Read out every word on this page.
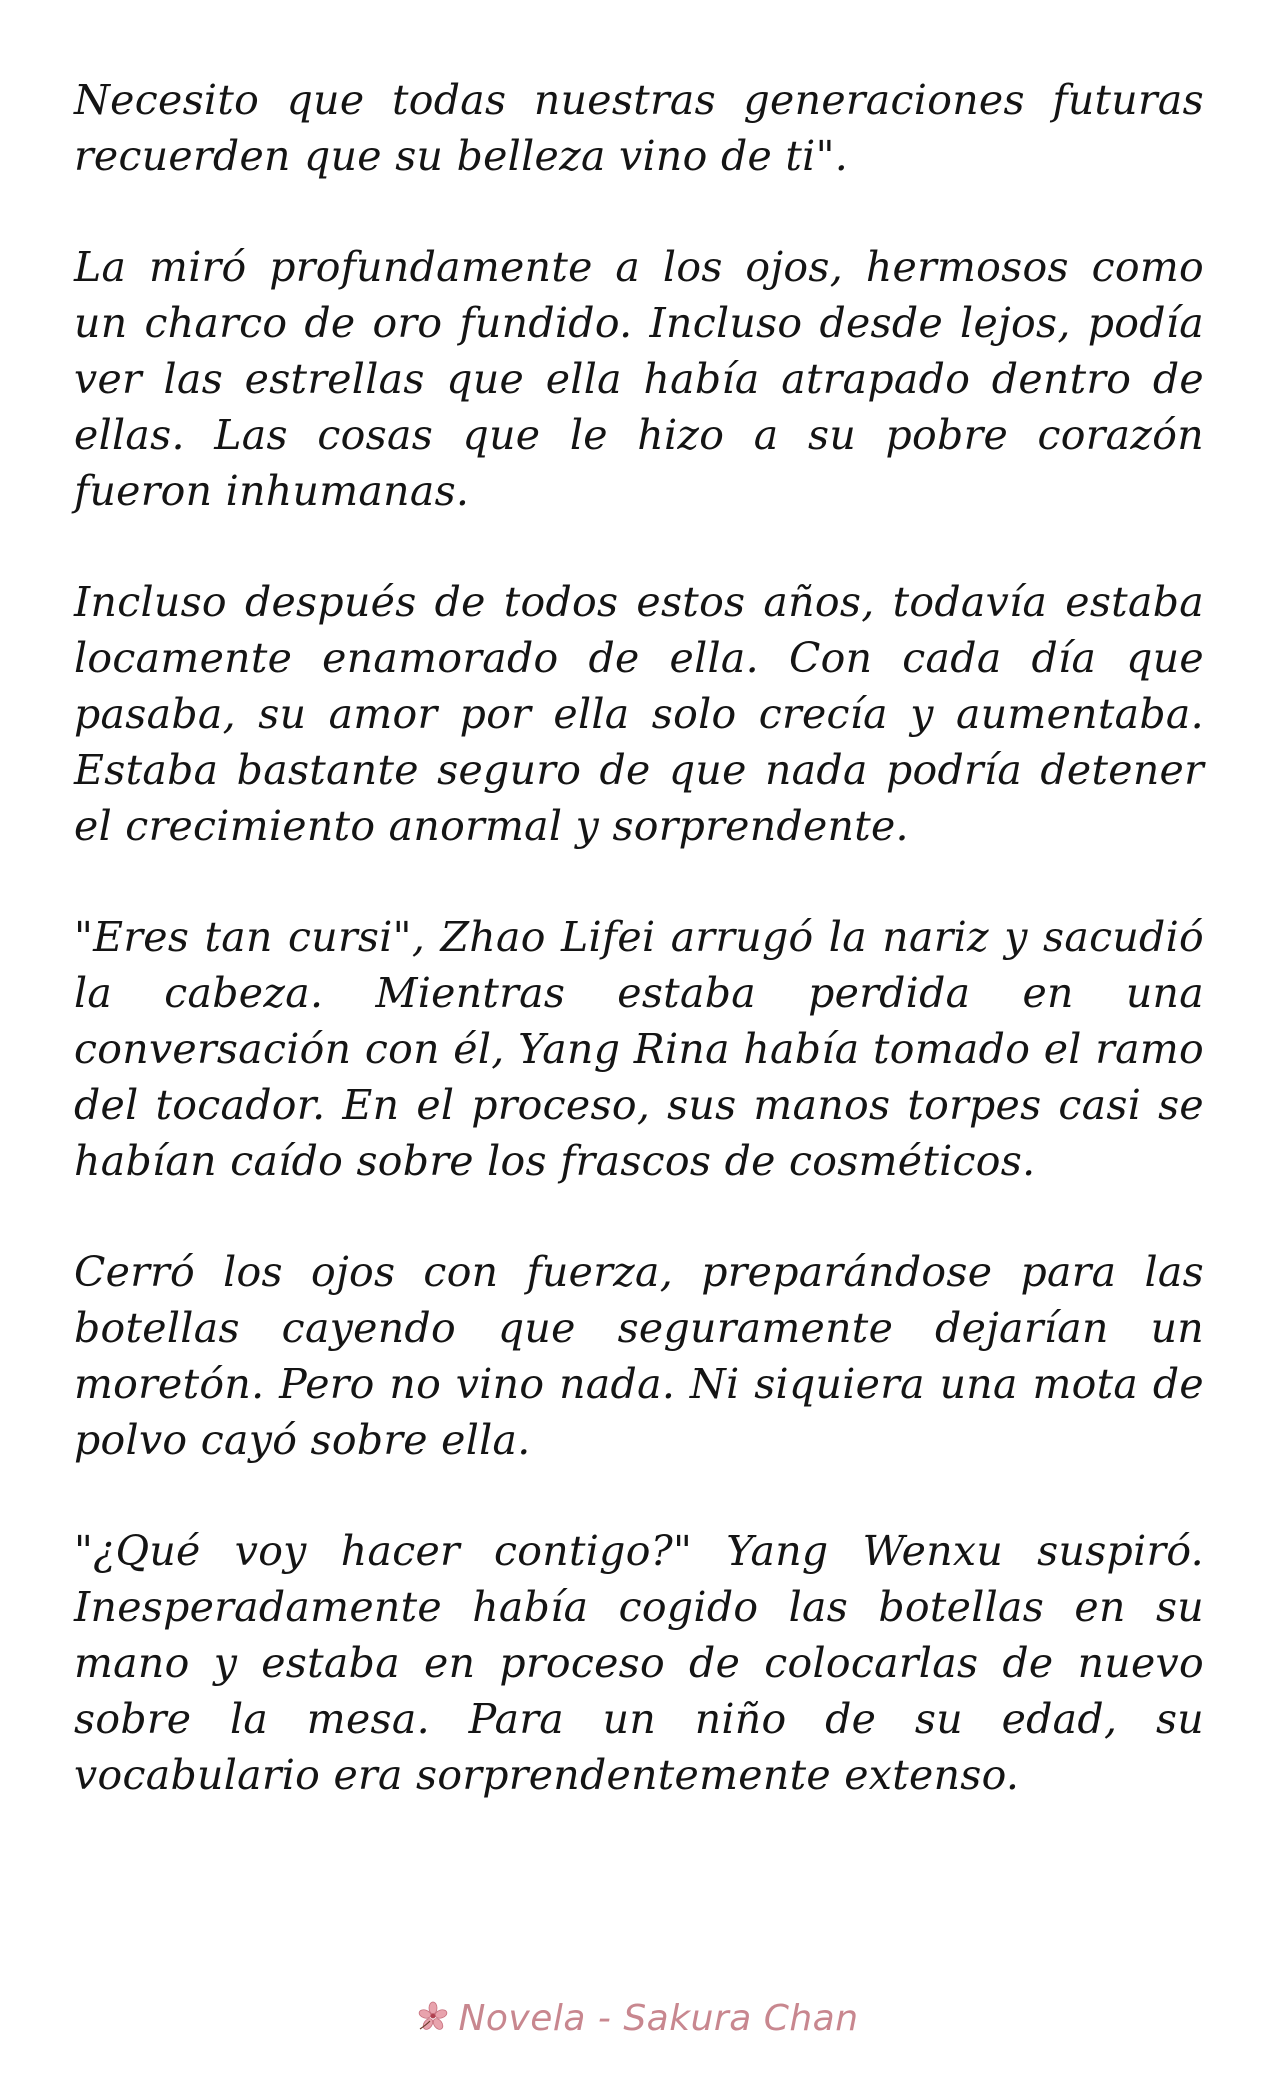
Necesito que todas nuestras generaciones futuras recuerden que su belleza vino de ti".

La miró profundamente a los ojos, hermosos como un charco de oro fundido. Incluso desde lejos, podía ver las estrellas que ella había atrapado dentro de ellas. Las cosas que le hizo a su pobre corazón fueron inhumanas.

Incluso después de todos estos años, todavía estaba locamente enamorado de ella. Con cada día que pasaba, su amor por ella solo crecía y aumentaba. Estaba bastante seguro de que nada podría detener el crecimiento anormal y sorprendente.

"Eres tan cursi", Zhao Lifei arrugó la nariz y sacudió la cabeza. Mientras estaba perdida en una conversación con él, Yang Rina había tomado el ramo del tocador. En el proceso, sus manos torpes casi se habían caído sobre los frascos de cosméticos.

Cerró los ojos con fuerza, preparándose para las botellas cayendo que seguramente dejarían un moretón. Pero no vino nada. Ni siquiera una mota de polvo cayó sobre ella.

"¿Qué voy hacer contigo?" Yang Wenxu suspiró. Inesperadamente había cogido las botellas en su mano y estaba en proceso de colocarlas de nuevo sobre la mesa. Para un niño de su edad, su vocabulario era sorprendentemente extenso.

Novela - Sakura Chan
